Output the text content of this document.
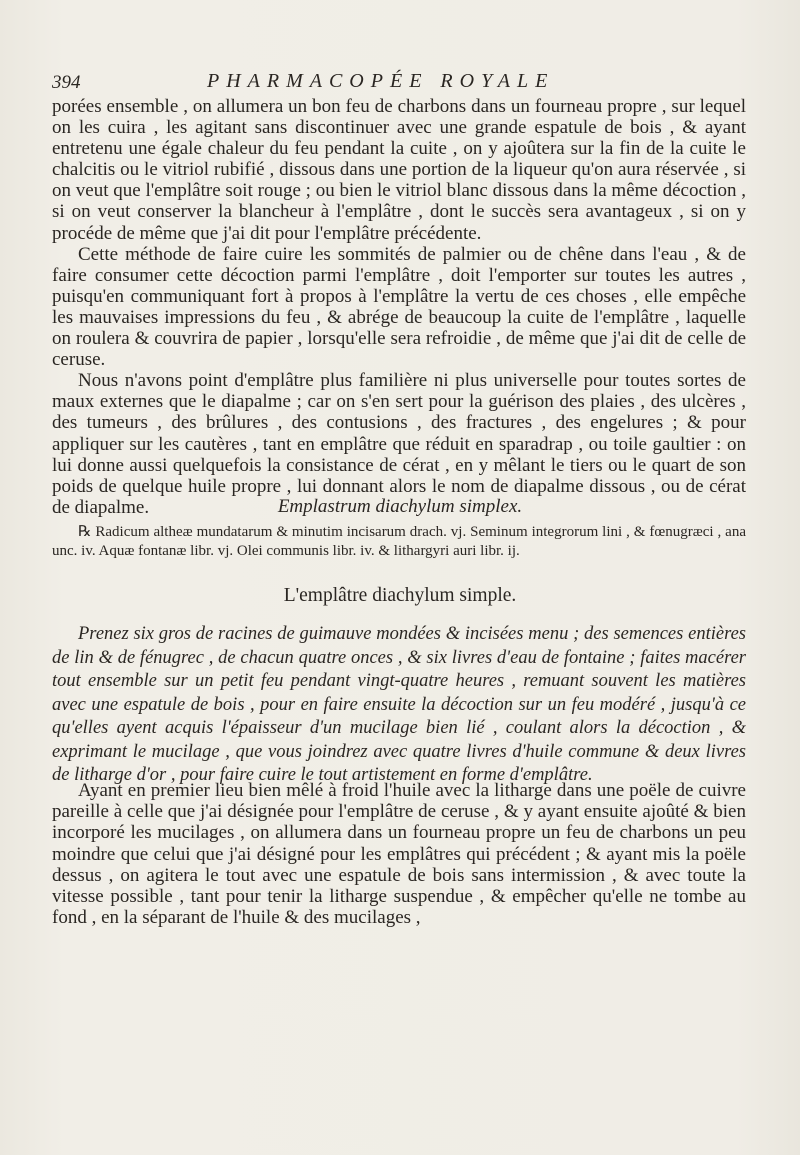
394	PHARMACOPÉE ROYALE

porées ensemble , on allumera un bon feu de charbons dans un fourneau propre , sur lequel on les cuira , les agitant sans discontinuer avec une grande espatule de bois , & ayant entretenu une égale chaleur du feu pendant la cuite , on y ajoûtera sur la fin de la cuite le chalcitis ou le vitriol rubifié , dissous dans une portion de la liqueur qu'on aura réservée , si on veut que l'emplâtre soit rouge ; ou bien le vitriol blanc dissous dans la même décoction , si on veut conserver la blancheur à l'emplâtre , dont le succès sera avantageux , si on y procéde de même que j'ai dit pour l'emplâtre précédente.

Cette méthode de faire cuire les sommités de palmier ou de chêne dans l'eau , & de faire consumer cette décoction parmi l'emplâtre , doit l'emporter sur toutes les autres , puisqu'en communiquant fort à propos à l'emplâtre la vertu de ces choses , elle empêche les mauvaises impressions du feu , & abrége de beaucoup la cuite de l'emplâtre , laquelle on roulera & couvrira de papier , lorsqu'elle sera refroidie , de même que j'ai dit de celle de ceruse.

Nous n'avons point d'emplâtre plus familière ni plus universelle pour toutes sortes de maux externes que le diapalme ; car on s'en sert pour la guérison des plaies , des ulcères , des tumeurs , des brûlures , des contusions , des fractures , des engelures ; & pour appliquer sur les cautères , tant en emplâtre que réduit en sparadrap , ou toile gaultier : on lui donne aussi quelquefois la consistance de cérat , en y mêlant le tiers ou le quart de son poids de quelque huile propre , lui donnant alors le nom de diapalme dissous , ou de cérat de diapalme.	Emplastrum diachylum simplex.

℞ Radicum altheæ mundatarum & minutim incisarum drach. vj. Seminum integrorum lini , & fœnugræci , ana unc. iv. Aquæ fontanæ libr. vj. Olei communis libr. iv. & lithargyri auri libr. ij.

L'emplâtre diachylum simple.

Prenez six gros de racines de guimauve mondées & incisées menu ; des semences entières de lin & de fénugrec , de chacun quatre onces , & six livres d'eau de fontaine ; faites macérer tout ensemble sur un petit feu pendant vingt-quatre heures , remuant souvent les matières avec une espatule de bois , pour en faire ensuite la décoction sur un feu modéré , jusqu'à ce qu'elles ayent acquis l'épaisseur d'un mucilage bien lié , coulant alors la décoction , & exprimant le mucilage , que vous joindrez avec quatre livres d'huile commune & deux livres de litharge d'or , pour faire cuire le tout artistement en forme d'emplâtre.

Ayant en premier lieu bien mêlé à froid l'huile avec la litharge dans une poële de cuivre pareille à celle que j'ai désignée pour l'emplâtre de ceruse , & y ayant ensuite ajoûté & bien incorporé les mucilages , on allumera dans un fourneau propre un feu de charbons un peu moindre que celui que j'ai désigné pour les emplâtres qui précédent ; & ayant mis la poële dessus , on agitera le tout avec une espatule de bois sans intermission , & avec toute la vitesse possible , tant pour tenir la litharge suspendue , & empêcher qu'elle ne tombe au fond , en la séparant de l'huile & des mucilages ,
